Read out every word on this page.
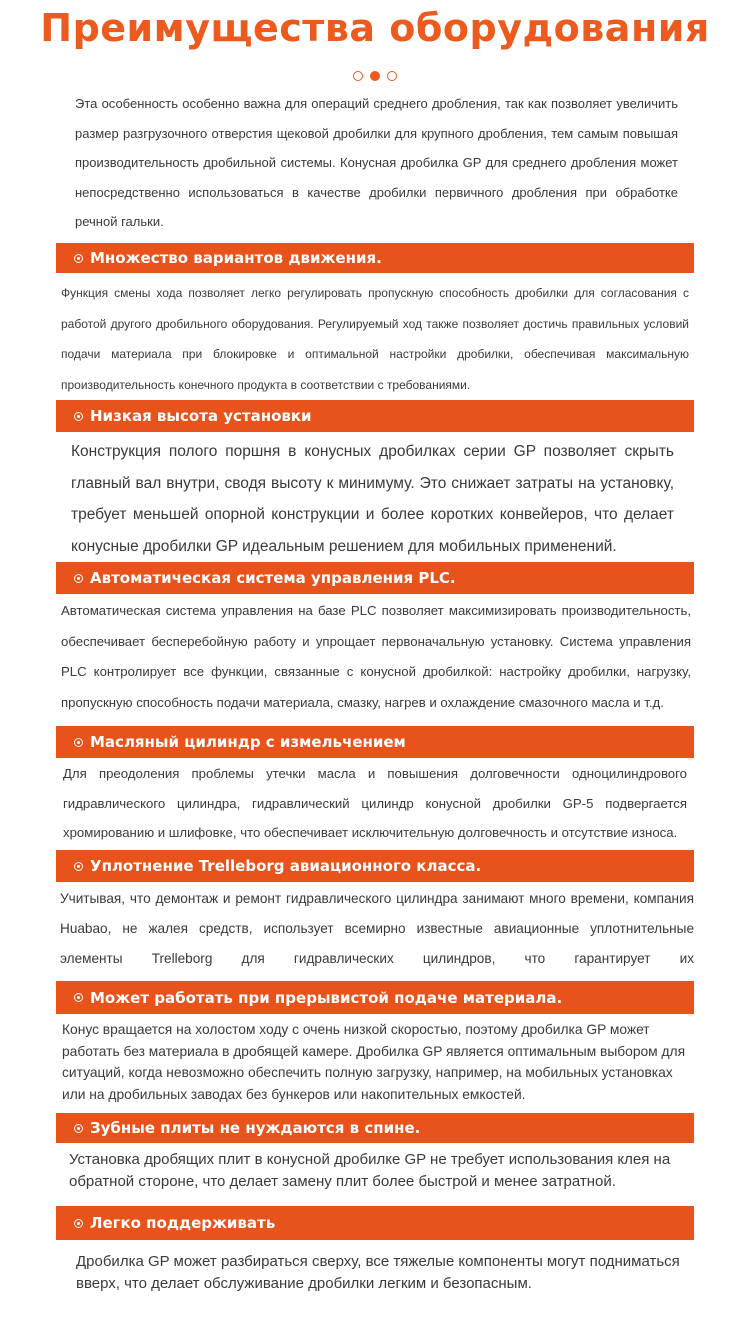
Преимущества оборудования

Эта особенность особенно важна для операций среднего дробления, так как позволяет увеличить размер разгрузочного отверстия щековой дробилки для крупного дробления, тем самым повышая производительность дробильной системы. Конусная дробилка GP для среднего дробления может непосредственно использоваться в качестве дробилки первичного дробления при обработке речной гальки.

Множество вариантов движения.

Функция смены хода позволяет легко регулировать пропускную способность дробилки для согласования с работой другого дробильного оборудования. Регулируемый ход также позволяет достичь правильных условий подачи материала при блокировке и оптимальной настройки дробилки, обеспечивая максимальную производительность конечного продукта в соответствии с требованиями.

Низкая высота установки

Конструкция полого поршня в конусных дробилках серии GP позволяет скрыть главный вал внутри, сводя высоту к минимуму. Это снижает затраты на установку, требует меньшей опорной конструкции и более коротких конвейеров, что делает конусные дробилки GP идеальным решением для мобильных применений.

Автоматическая система управления PLC.

Автоматическая система управления на базе PLC позволяет максимизировать производительность, обеспечивает бесперебойную работу и упрощает первоначальную установку. Система управления PLC контролирует все функции, связанные с конусной дробилкой: настройку дробилки, нагрузку, пропускную способность подачи материала, смазку, нагрев и охлаждение смазочного масла и т.д.

Масляный цилиндр с измельчением

Для преодоления проблемы утечки масла и повышения долговечности одноцилиндрового гидравлического цилиндра, гидравлический цилиндр конусной дробилки GP-5 подвергается хромированию и шлифовке, что обеспечивает исключительную долговечность и отсутствие износа.

Уплотнение Trelleborg авиационного класса.

Учитывая, что демонтаж и ремонт гидравлического цилиндра занимают много времени, компания Huabao, не жалея средств, использует всемирно известные авиационные уплотнительные элементы Trelleborg для гидравлических цилиндров, что гарантирует их

Может работать при прерывистой подаче материала.

Конус вращается на холостом ходу с очень низкой скоростью, поэтому дробилка GP может работать без материала в дробящей камере. Дробилка GP является оптимальным выбором для ситуаций, когда невозможно обеспечить полную загрузку, например, на мобильных установках или на дробильных заводах без бункеров или накопительных емкостей.

Зубные плиты не нуждаются в спине.

Установка дробящих плит в конусной дробилке GP не требует использования клея на обратной стороне, что делает замену плит более быстрой и менее затратной.

Легко поддерживать

Дробилка GP может разбираться сверху, все тяжелые компоненты могут подниматься вверх, что делает обслуживание дробилки легким и безопасным.
